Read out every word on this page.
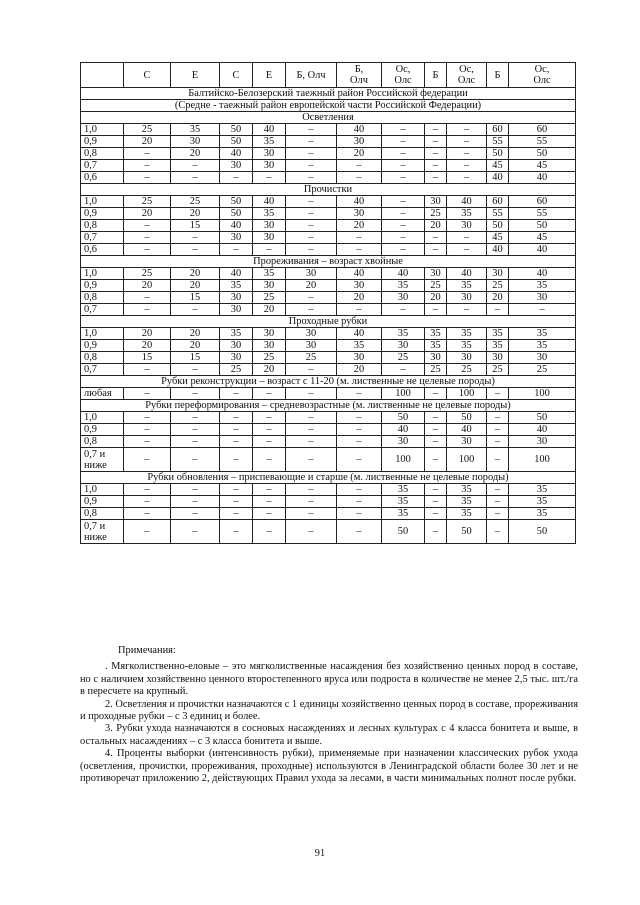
	С	Е	С	Е	Б, Олч	Б,
Олч	Ос,
Олс	Б	Ос,
Олс	Б	Ос,
Олс
Балтийско-Белозерский таежный район Российской федерации											
(Средне - таежный район европейской части Российской Федерации)											
Осветления											
1,0	25	35	50	40	–	40	–	–	–	60	60
0,9	20	30	50	35	–	30	–	–	–	55	55
0,8	–	20	40	30	–	20	–	–	–	50	50
0,7	–	–	30	30	–	–	–	–	–	45	45
0,6	–	–	–	–	–	–	–	–	–	40	40
Прочистки											
1,0	25	25	50	40	–	40	–	30	40	60	60
0,9	20	20	50	35	–	30	–	25	35	55	55
0,8	–	15	40	30	–	20	–	20	30	50	50
0,7	–	–	30	30	–	–	–	–	–	45	45
0,6	–	–	–	–	–	–	–	–	–	40	40
Прореживания – возраст хвойные											
1,0	25	20	40	35	30	40	40	30	40	30	40
0,9	20	20	35	30	20	30	35	25	35	25	35
0,8	–	15	30	25	–	20	30	20	30	20	30
0,7	–	–	30	20	–	–	–	–	–	–	–
Проходные рубки											
1,0	20	20	35	30	30	40	35	35	35	35	35
0,9	20	20	30	30	30	35	30	35	35	35	35
0,8	15	15	30	25	25	30	25	30	30	30	30
0,7	–	–	25	20	–	20	–	25	25	25	25
Рубки реконструкции – возраст с 11-20 (м. лиственные не целевые породы)											
любая	–	–	–	–	–	–	100	–	100	–	100
Рубки переформирования – средневозрастные (м. лиственные не целевые породы)											
1,0	–	–	–	–	–	–	50	–	50	–	50
0,9	–	–	–	–	–	–	40	–	40	–	40
0,8	–	–	–	–	–	–	30	–	30	–	30
0,7 и
ниже	–	–	–	–	–	–	100	–	100	–	100
Рубки обновления – приспевающие и старше (м. лиственные не целевые породы)											
1,0	–	–	–	–	–	–	35	–	35	–	35
0,9	–	–	–	–	–	–	35	–	35	–	35
0,8	–	–	–	–	–	–	35	–	35	–	35
0,7 и
ниже	–	–	–	–	–	–	50	–	50	–	50

Примечания:

. Мягколиственно-еловые – это мягколиственные насаждения без хозяйственно ценных пород в составе, но с наличием хозяйственно ценного второстепенного яруса или подроста в количестве не менее 2,5 тыс. шт./га в пересчете на крупный.

2. Осветления и прочистки назначаются с 1 единицы хозяйственно ценных пород в составе, прореживания и проходные рубки – с 3 единиц и более.

3. Рубки ухода назначаются в сосновых насаждениях и лесных культурах с 4 класса бонитета и выше, в остальных насаждениях – с 3 класса бонитета и выше.

4. Проценты выборки (интенсивность рубки), применяемые при назначении классических рубок ухода (осветления, прочистки, прореживания, проходные) используются в Ленинградской области более 30 лет и не противоречат приложению 2, действующих Правил ухода за лесами, в части минимальных полнот после рубки.

91
